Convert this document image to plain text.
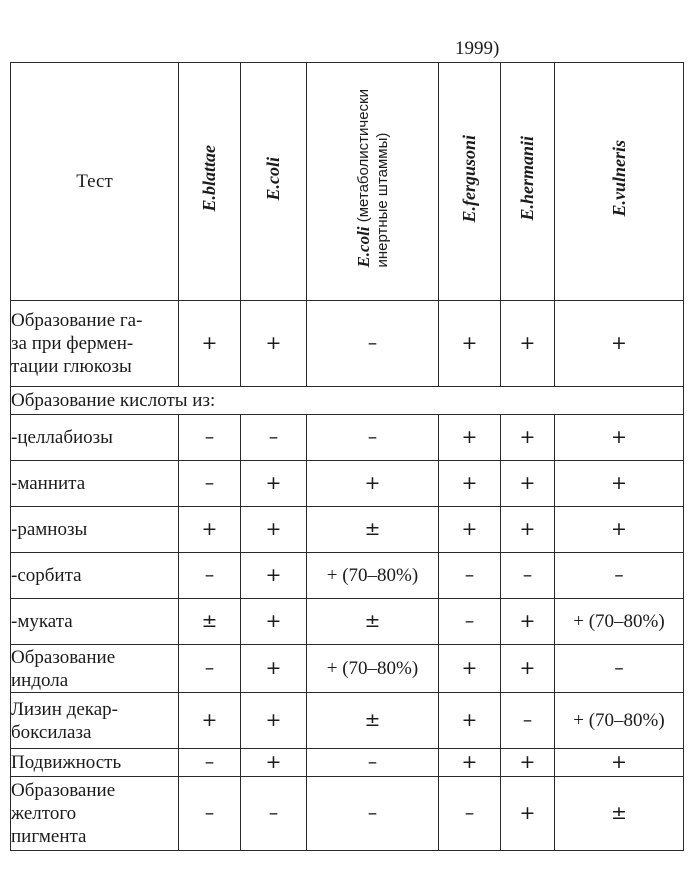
1999)
Тест	E.blattae	E.coli	E.coli (метаболистически инертные штаммы)	E.fergusoni	E.hermanii	E.vulneris

Образование га-
за при фермен-
тации глюкозы	+	+	–	+	+	+
Образование кислоты из:						

-целлабиозы	–	–	–	+	+	+

-маннита	–	+	+	+	+	+

-рамнозы	+	+	±	+	+	+

-сорбита	–	+	+ (70–80%)	–	–	–

-муката	±	+	±	–	+	+ (70–80%)

Образование
индола	–	+	+ (70–80%)	+	+	–

Лизин декар-
боксилаза	+	+	±	+	–	+ (70–80%)

Подвижность	–	+	–	+	+	+

Образование
желтого
пигмента	–	–	–	–	+	±
